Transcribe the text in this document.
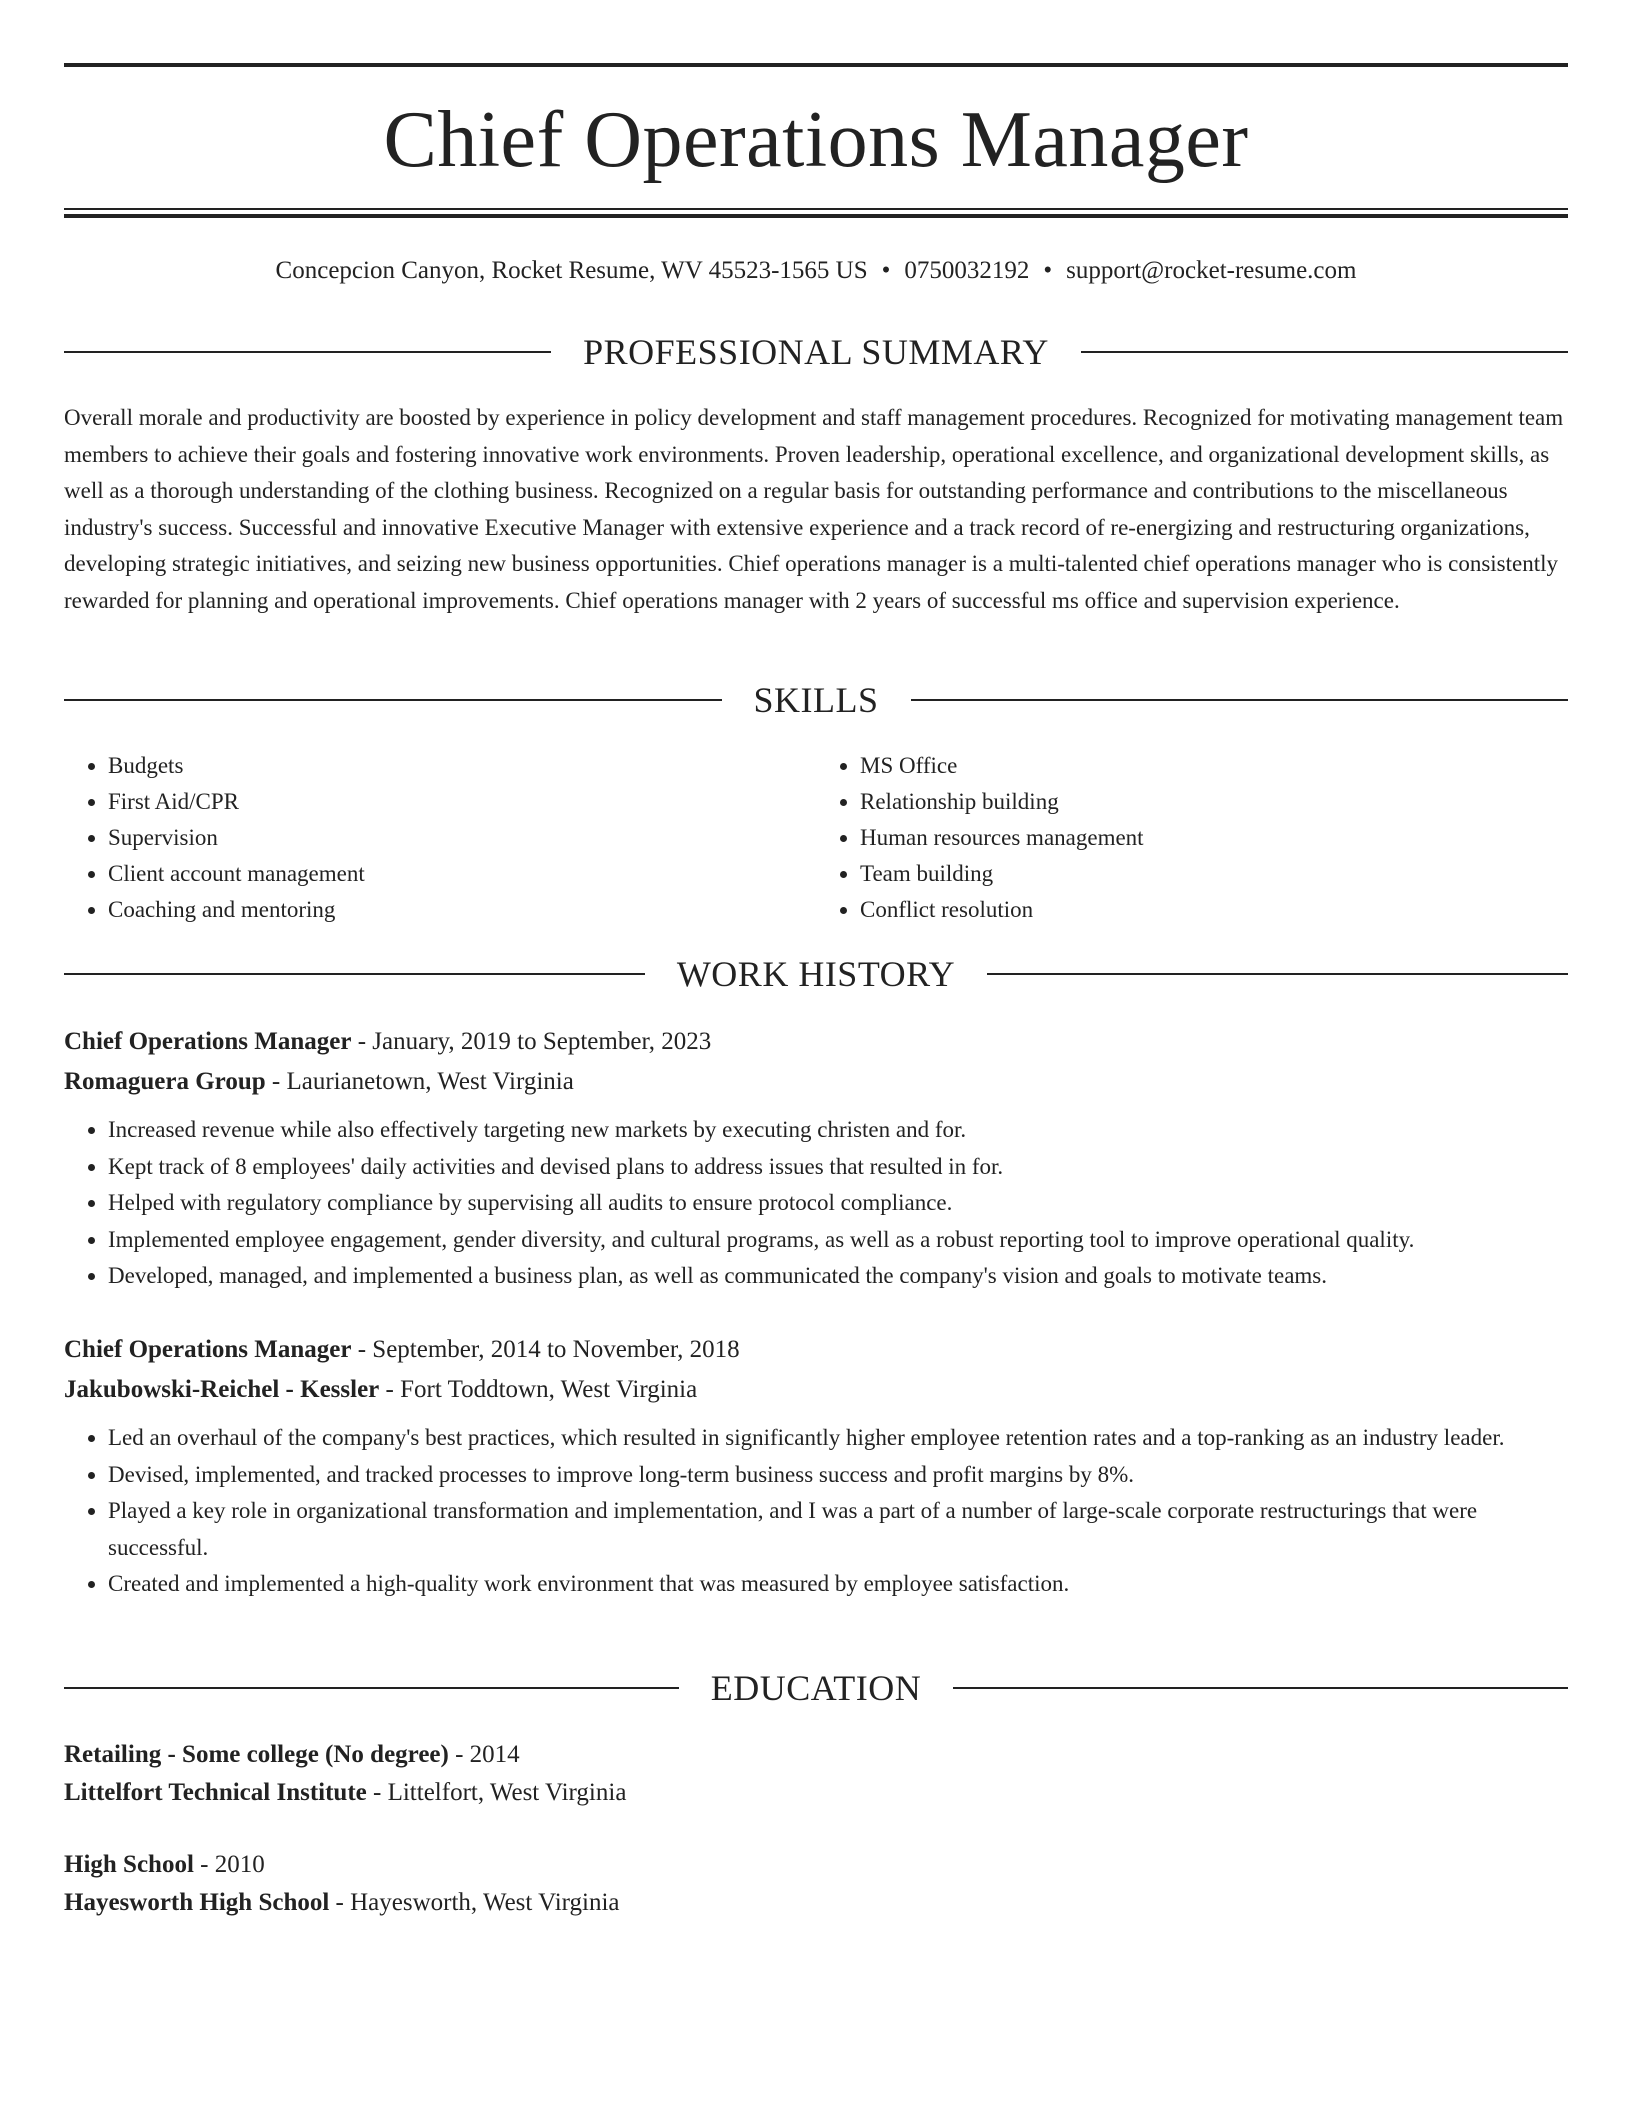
Chief Operations Manager
Concepcion Canyon, Rocket Resume, WV 45523-1565 US • 0750032192 • support@rocket-resume.com
PROFESSIONAL SUMMARY

Overall morale and productivity are boosted by experience in policy development and staff management procedures. Recognized for motivating management team members to achieve their goals and fostering innovative work environments. Proven leadership, operational excellence, and organizational development skills, as well as a thorough understanding of the clothing business. Recognized on a regular basis for outstanding performance and contributions to the miscellaneous industry's success. Successful and innovative Executive Manager with extensive experience and a track record of re-energizing and restructuring organizations, developing strategic initiatives, and seizing new business opportunities. Chief operations manager is a multi-talented chief operations manager who is consistently rewarded for planning and operational improvements. Chief operations manager with 2 years of successful ms office and supervision experience.

SKILLS
• Budgets
• First Aid/CPR
• Supervision
• Client account management
• Coaching and mentoring
• MS Office
• Relationship building
• Human resources management
• Team building
• Conflict resolution
WORK HISTORY
Chief Operations Manager - January, 2019 to September, 2023
Romaguera Group - Laurianetown, West Virginia
• Increased revenue while also effectively targeting new markets by executing christen and for.
• Kept track of 8 employees' daily activities and devised plans to address issues that resulted in for.
• Helped with regulatory compliance by supervising all audits to ensure protocol compliance.
• Implemented employee engagement, gender diversity, and cultural programs, as well as a robust reporting tool to improve operational quality.
• Developed, managed, and implemented a business plan, as well as communicated the company's vision and goals to motivate teams.
Chief Operations Manager - September, 2014 to November, 2018
Jakubowski-Reichel - Kessler - Fort Toddtown, West Virginia
• Led an overhaul of the company's best practices, which resulted in significantly higher employee retention rates and a top-ranking as an industry leader.
• Devised, implemented, and tracked processes to improve long-term business success and profit margins by 8%.
• Played a key role in organizational transformation and implementation, and I was a part of a number of large-scale corporate restructurings that were successful.
• Created and implemented a high-quality work environment that was measured by employee satisfaction.
EDUCATION
Retailing - Some college (No degree) - 2014
Littelfort Technical Institute - Littelfort, West Virginia
High School - 2010
Hayesworth High School - Hayesworth, West Virginia
